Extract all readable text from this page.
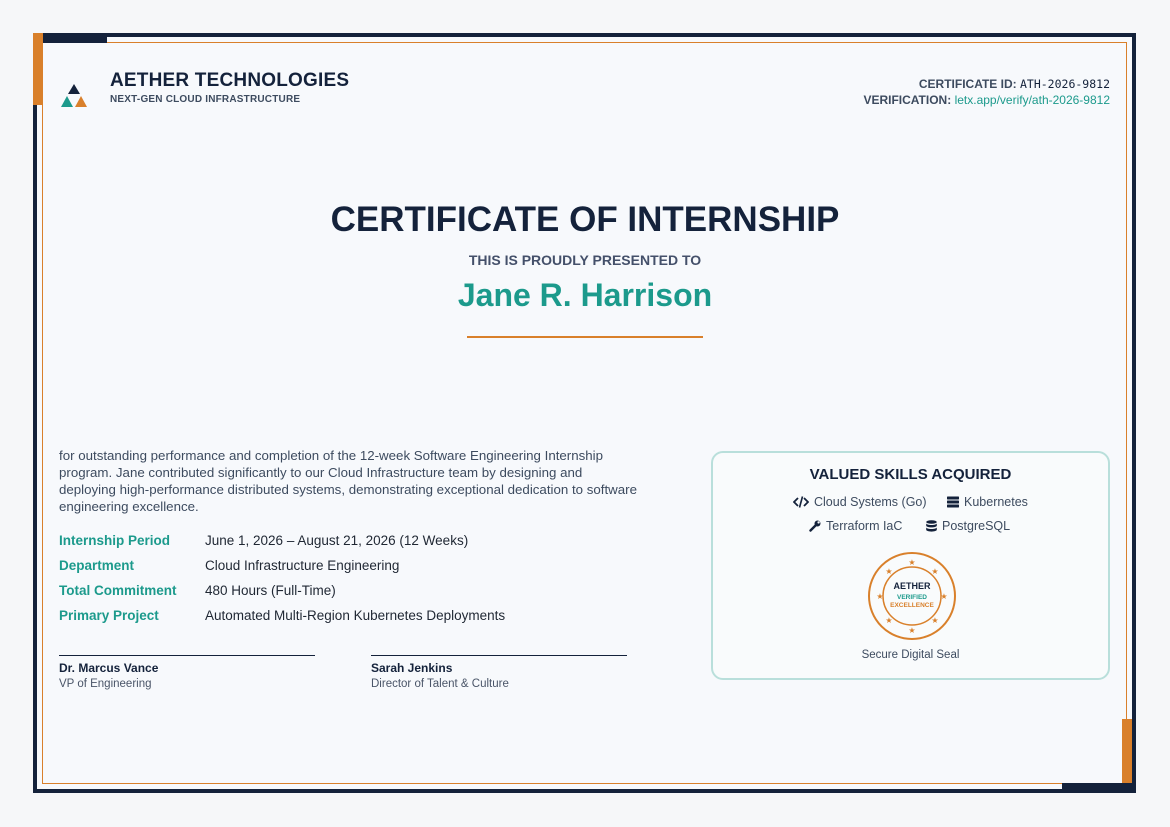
AETHER TECHNOLOGIES
NEXT-GEN CLOUD INFRASTRUCTURE
CERTIFICATE ID: ATH-2026-9812
VERIFICATION: letx.app/verify/ath-2026-9812
CERTIFICATE OF INTERNSHIP
THIS IS PROUDLY PRESENTED TO
Jane R. Harrison
for outstanding performance and completion of the 12-week Software Engineering Internship program. Jane contributed significantly to our Cloud Infrastructure team by designing and deploying high-performance distributed systems, demonstrating exceptional dedication to software engineering excellence.
Internship Period	June 1, 2026 – August 21, 2026 (12 Weeks)
Department	Cloud Infrastructure Engineering
Total Commitment	480 Hours (Full-Time)
Primary Project	Automated Multi-Region Kubernetes Deployments
Dr. Marcus Vance
VP of Engineering
Sarah Jenkins
Director of Talent & Culture
VALUED SKILLS ACQUIRED
Cloud Systems (Go)	Kubernetes
Terraform IaC	PostgreSQL
★
★
★
★
★
★
★
★
AETHER
VERIFIED
EXCELLENCE
Secure Digital Seal
